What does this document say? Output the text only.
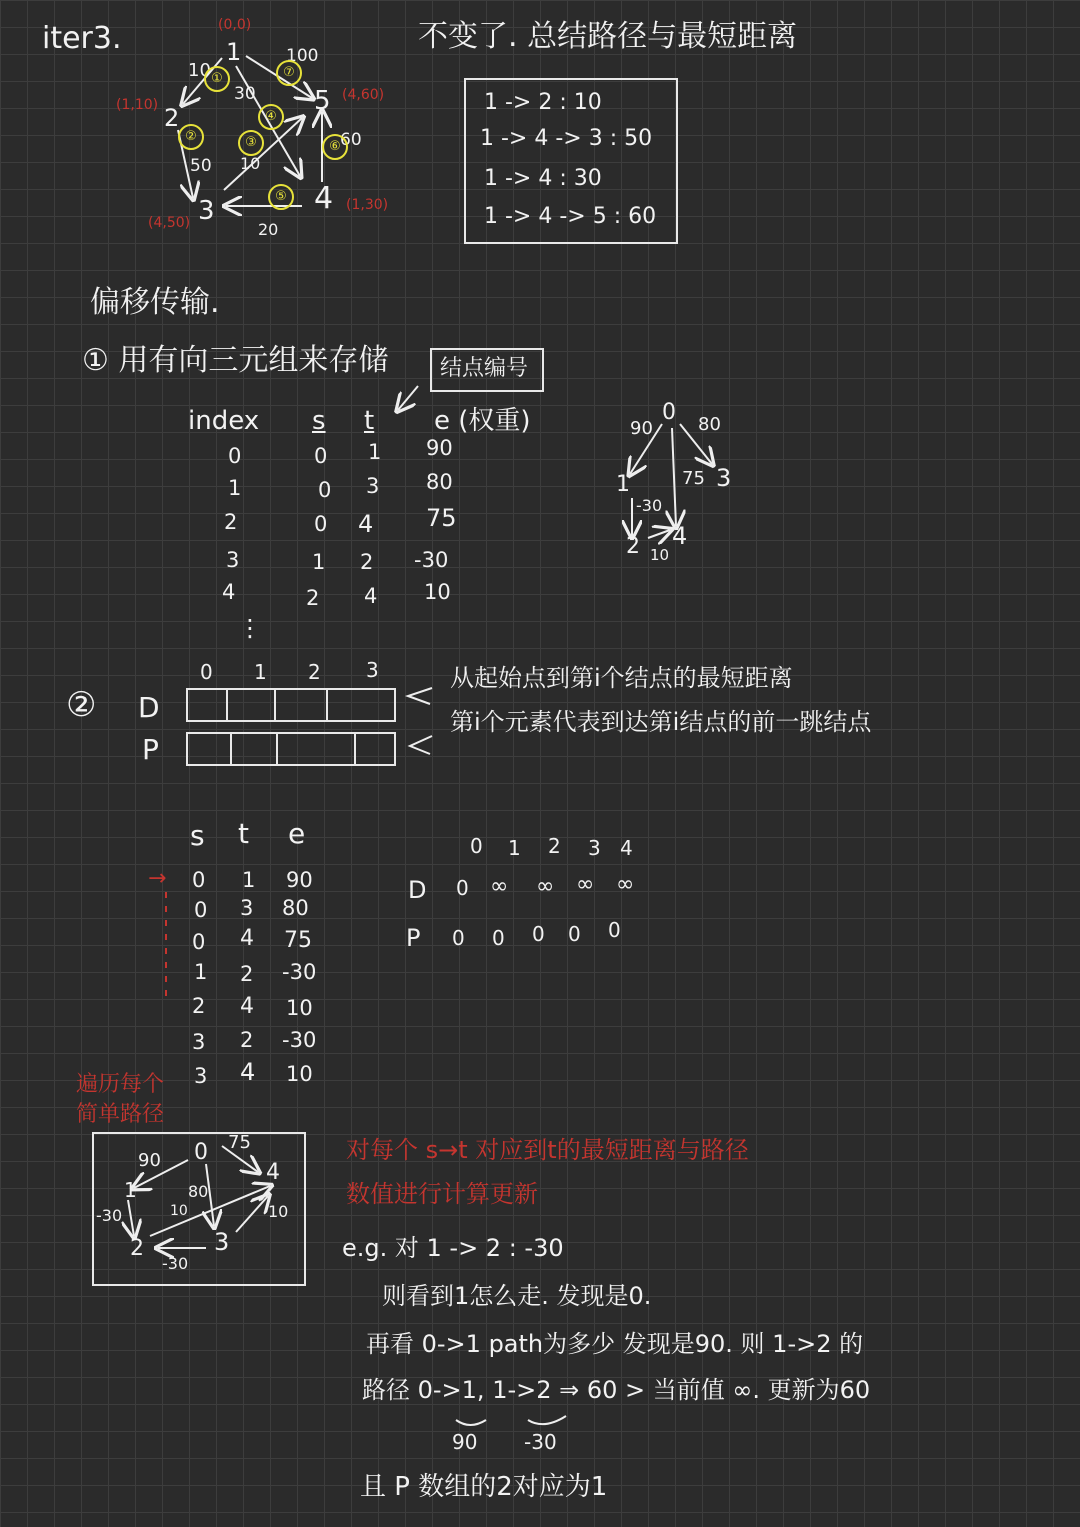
iter3.	1
2
3	4
5
(0,0)
(1,10)
(4,50)
(1,30)
(4,60)
10
100
30
50 10
20
60
①	⑦
②
④
③
⑤
⑥
不变了. 总结路径与最短距离
1 -> 2 : 10
1 -> 4 -> 3 : 50
1 -> 4 : 30
1 -> 4 -> 5 : 60
偏移传输.
① 用有向三元组来存储 结点编号
index s t e (权重)
0	0 1 90
1	0 3 80
2	0 4 75
3	1 2 -30
4	2 4 10
⋮
0
1
2
3
4
90	80
75
-30
10
②
0 1 2 3
D
P
从起始点到第i个结点的最短距离
第i个元素代表到达第i结点的前一跳结点
s t e
→ 0 1 90
0 3 80
0 4 75
1 2 -30
2 4 10
3 2 -30
3 4 10
0 1 2 3 4
D 0 ∞ ∞ ∞ ∞
P 0 0 0 0 0
遍历每个简单路径
0
1
2	3
4
90
75
80
10
-30
-30
10
对每个 s→t 对应到t的最短距离与路径
数值进行计算更新
e.g. 对 1 -> 2 : -30
则看到1怎么走. 发现是0.
再看 0->1 path为多少 发现是90. 则 1->2 的
路径 0->1, 1->2 ⇒ 60 > 当前值 ∞. 更新为60
90 -30
且 P 数组的2对应为1
